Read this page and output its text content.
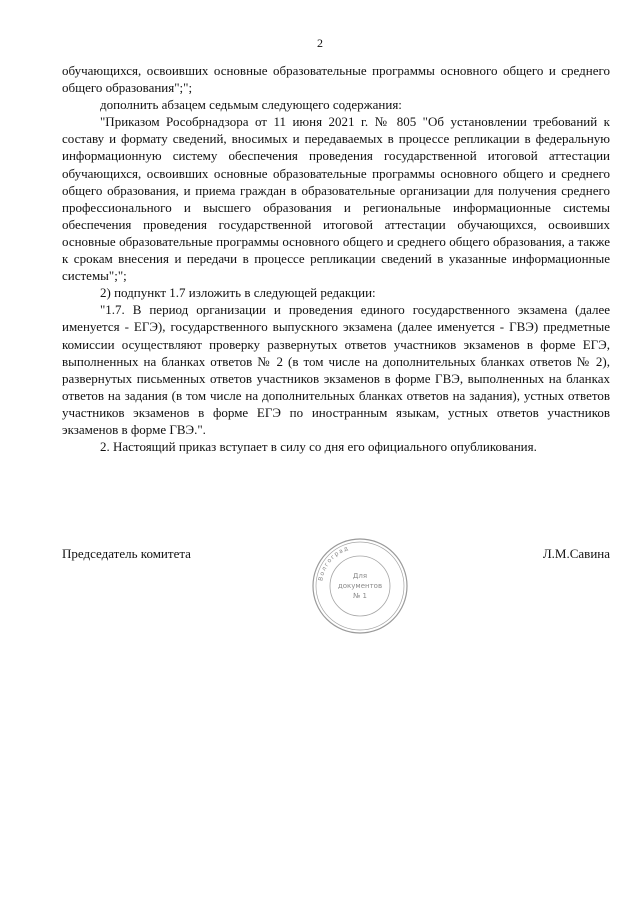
2

обучающихся, освоивших основные образовательные программы основного общего и среднего общего образования";";

дополнить абзацем седьмым следующего содержания:

"Приказом Рособрнадзора от 11 июня 2021 г. № 805 "Об установлении требований к составу и формату сведений, вносимых и передаваемых в процессе репликации в федеральную информационную систему обеспечения проведения государственной итоговой аттестации обучающихся, освоивших основные образовательные программы основного общего и среднего общего образования, и приема граждан в образовательные организации для получения среднего профессионального и высшего образования и региональные информационные системы обеспечения проведения государственной итоговой аттестации обучающихся, освоивших основные образовательные программы основного общего и среднего общего образования, а также к срокам внесения и передачи в процессе репликации сведений в указанные информационные системы";";

2) подпункт 1.7 изложить в следующей редакции:

"1.7. В период организации и проведения единого государственного экзамена (далее именуется - ЕГЭ), государственного выпускного экзамена (далее именуется - ГВЭ) предметные комиссии осуществляют проверку развернутых ответов участников экзаменов в форме ЕГЭ, выполненных на бланках ответов № 2 (в том числе на дополнительных бланках ответов № 2), развернутых письменных ответов участников экзаменов в форме ГВЭ, выполненных на бланках ответов на задания (в том числе на дополнительных бланках ответов на задания), устных ответов участников экзаменов в форме ЕГЭ по иностранным языкам, устных ответов участников экзаменов в форме ГВЭ.".

2. Настоящий приказ вступает в силу со дня его официального опубликования.

Председатель комитета	Л.М.Савина
Волгоград
Для
документов
№ 1
